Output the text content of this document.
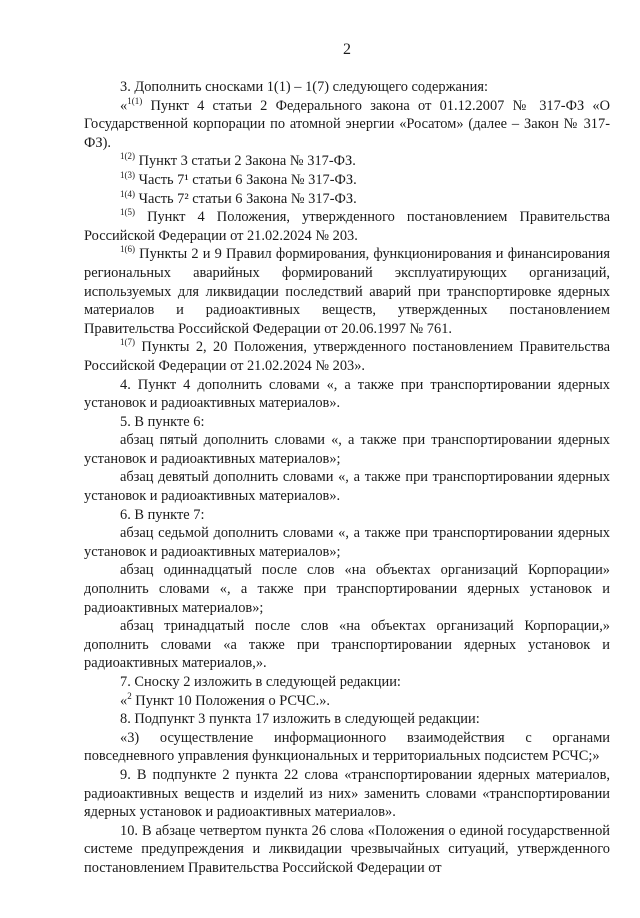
2

3. Дополнить сносками 1(1) – 1(7) следующего содержания:

«$^{1(1)}$ Пункт 4 статьи 2 Федерального закона от 01.12.2007 № 317-ФЗ «О Государственной корпорации по атомной энергии «Росатом» (далее – Закон № 317-ФЗ).

$^{1(2)}$ Пункт 3 статьи 2 Закона № 317-ФЗ.

$^{1(3)}$ Часть 7¹ статьи 6 Закона № 317-ФЗ.

$^{1(4)}$ Часть 7² статьи 6 Закона № 317-ФЗ.

$^{1(5)}$ Пункт 4 Положения, утвержденного постановлением Правительства Российской Федерации от 21.02.2024 № 203.

$^{1(6)}$ Пункты 2 и 9 Правил формирования, функционирования и финансирования региональных аварийных формирований эксплуатирующих организаций, используемых для ликвидации последствий аварий при транспортировке ядерных материалов и радиоактивных веществ, утвержденных постановлением Правительства Российской Федерации от 20.06.1997 № 761.

$^{1(7)}$ Пункты 2, 20 Положения, утвержденного постановлением Правительства Российской Федерации от 21.02.2024 № 203».

4. Пункт 4 дополнить словами «, а также при транспортировании ядерных установок и радиоактивных материалов».

5. В пункте 6:

абзац пятый дополнить словами «, а также при транспортировании ядерных установок и радиоактивных материалов»;

абзац девятый дополнить словами «, а также при транспортировании ядерных установок и радиоактивных материалов».

6. В пункте 7:

абзац седьмой дополнить словами «, а также при транспортировании ядерных установок и радиоактивных материалов»;

абзац одиннадцатый после слов «на объектах организаций Корпорации» дополнить словами «, а также при транспортировании ядерных установок и радиоактивных материалов»;

абзац тринадцатый после слов «на объектах организаций Корпорации,» дополнить словами «а также при транспортировании ядерных установок и радиоактивных материалов,».

7. Сноску 2 изложить в следующей редакции:

«$^2$ Пункт 10 Положения о РСЧС.».

8. Подпункт 3 пункта 17 изложить в следующей редакции:

«3) осуществление информационного взаимодействия с органами повседневного управления функциональных и территориальных подсистем РСЧС;»

9. В подпункте 2 пункта 22 слова «транспортировании ядерных материалов, радиоактивных веществ и изделий из них» заменить словами «транспортировании ядерных установок и радиоактивных материалов».

10. В абзаце четвертом пункта 26 слова «Положения о единой государственной системе предупреждения и ликвидации чрезвычайных ситуаций, утвержденного постановлением Правительства Российской Федерации от
